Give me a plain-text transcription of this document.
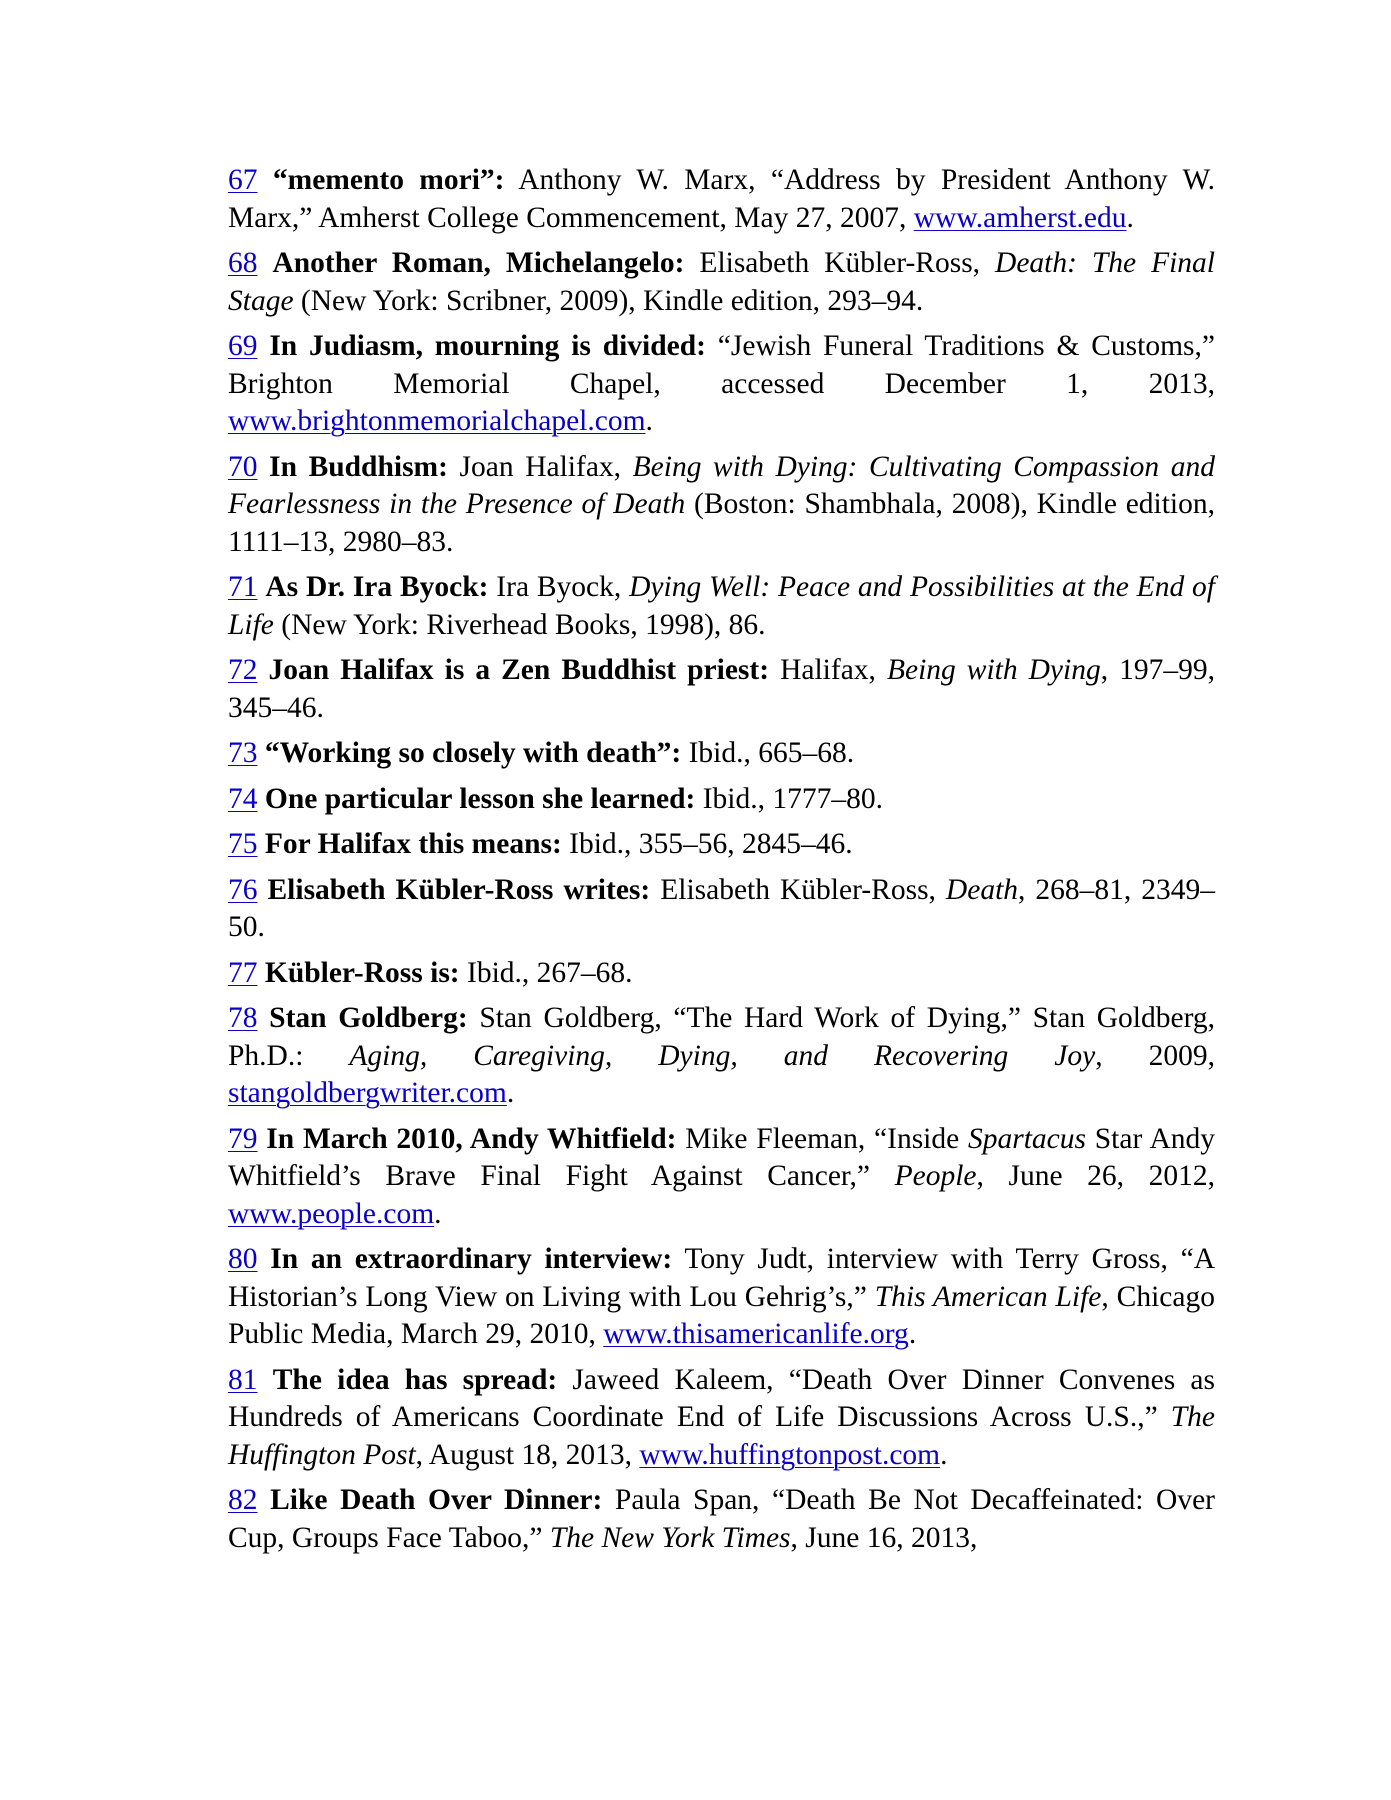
67 “memento mori”: Anthony W. Marx, “Address by President Anthony W. Marx,” Amherst College Commencement, May 27, 2007, www.amherst.edu.

68 Another Roman, Michelangelo: Elisabeth Kübler-Ross, Death: The Final Stage (New York: Scribner, 2009), Kindle edition, 293–94.

69 In Judiasm, mourning is divided: “Jewish Funeral Traditions & Customs,” Brighton Memorial Chapel, accessed December 1, 2013, www.brightonmemorialchapel.com.

70 In Buddhism: Joan Halifax, Being with Dying: Cultivating Compassion and Fearlessness in the Presence of Death (Boston: Shambhala, 2008), Kindle edition, 1111–13, 2980–83.

71 As Dr. Ira Byock: Ira Byock, Dying Well: Peace and Possibilities at the End of Life (New York: Riverhead Books, 1998), 86.

72 Joan Halifax is a Zen Buddhist priest: Halifax, Being with Dying, 197–99, 345–46.

73 “Working so closely with death”: Ibid., 665–68.

74 One particular lesson she learned: Ibid., 1777–80.

75 For Halifax this means: Ibid., 355–56, 2845–46.

76 Elisabeth Kübler-Ross writes: Elisabeth Kübler-Ross, Death, 268–81, 2349–50.

77 Kübler-Ross is: Ibid., 267–68.

78 Stan Goldberg: Stan Goldberg, “The Hard Work of Dying,” Stan Goldberg, Ph.D.: Aging, Caregiving, Dying, and Recovering Joy, 2009, stangoldbergwriter.com.

79 In March 2010, Andy Whitfield: Mike Fleeman, “Inside Spartacus Star Andy Whitfield’s Brave Final Fight Against Cancer,” People, June 26, 2012, www.people.com.

80 In an extraordinary interview: Tony Judt, interview with Terry Gross, “A Historian’s Long View on Living with Lou Gehrig’s,” This American Life, Chicago Public Media, March 29, 2010, www.thisamericanlife.org.

81 The idea has spread: Jaweed Kaleem, “Death Over Dinner Convenes as Hundreds of Americans Coordinate End of Life Discussions Across U.S.,” The Huffington Post, August 18, 2013, www.huffingtonpost.com.

82 Like Death Over Dinner: Paula Span, “Death Be Not Decaffeinated: Over Cup, Groups Face Taboo,” The New York Times, June 16, 2013,
